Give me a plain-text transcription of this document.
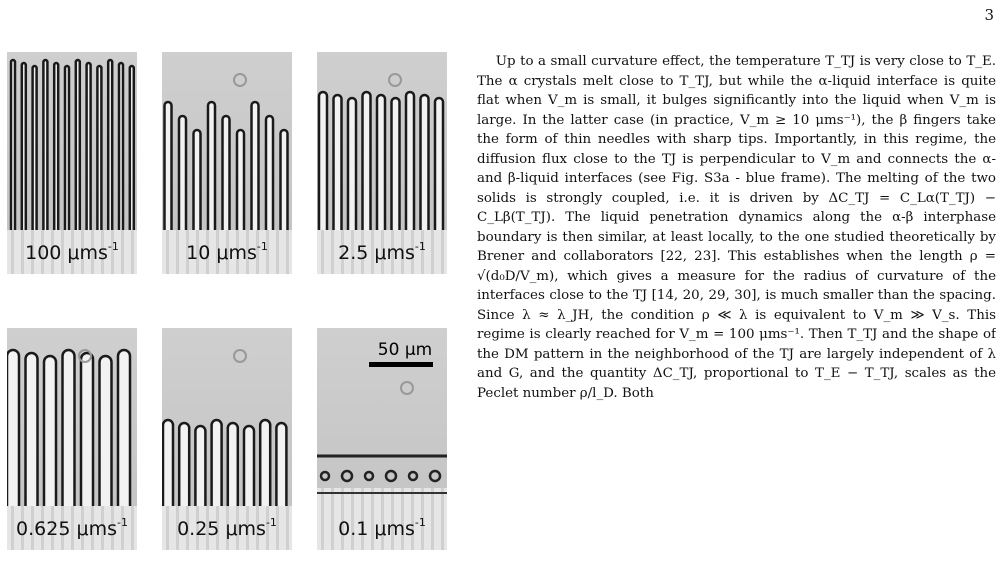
3
100 μms$^{-1}$	10 μms$^{-1}$	2.5 μms$^{-1}$
0.625 μms$^{-1}$	0.25 μms$^{-1}$
50 μm
0.1 μms$^{-1}$

Up to a small curvature effect, the temperature T_TJ is very close to T_E. The α crystals melt close to T_TJ, but while the α-liquid interface is quite flat when V_m is small, it bulges significantly into the liquid when V_m is large. In the latter case (in practice, V_m ≥ 10 μms⁻¹), the β fingers take the form of thin needles with sharp tips. Importantly, in this regime, the diffusion flux close to the TJ is perpendicular to V_m and connects the α- and β-liquid interfaces (see Fig. S3a - blue frame). The melting of the two solids is strongly coupled, i.e. it is driven by ΔC_TJ = C_Lα(T_TJ) − C_Lβ(T_TJ). The liquid penetration dynamics along the α-β interphase boundary is then similar, at least locally, to the one studied theoretically by Brener and collaborators [22, 23]. This establishes when the length ρ = √(d₀D/V_m), which gives a measure for the radius of curvature of the interfaces close to the TJ [14, 20, 29, 30], is much smaller than the spacing. Since λ ≈ λ_JH, the condition ρ ≪ λ is equivalent to V_m ≫ V_s. This regime is clearly reached for V_m = 100 μms⁻¹. Then T_TJ and the shape of the DM pattern in the neighborhood of the TJ are largely independent of λ and G, and the quantity ΔC_TJ, proportional to T_E − T_TJ, scales as the Peclet number ρ/l_D. Both
